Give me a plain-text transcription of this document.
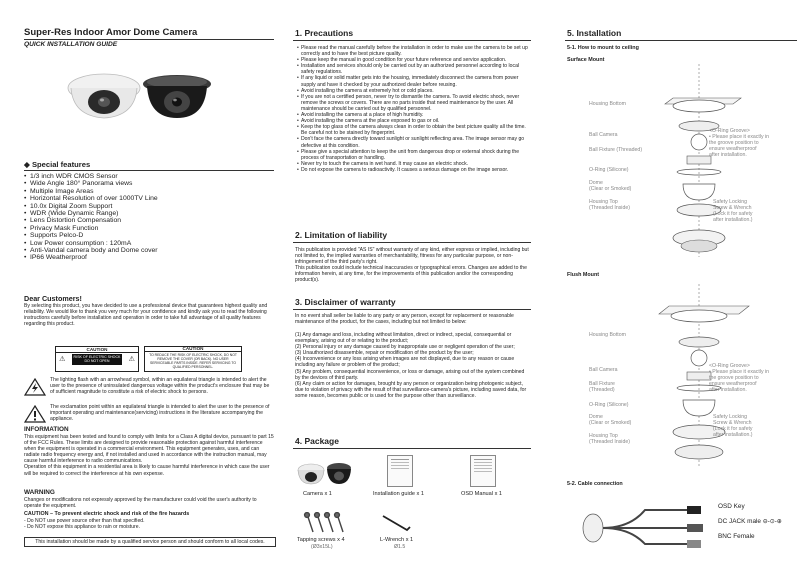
Super-Res Indoor Amor Dome Camera
QUICK INSTALLATION GUIDE
◆ Special features
• 1/3 inch WDR CMOS Sensor
• Wide Angle 180° Panorama views
• Multiple Image Areas
• Horizontal Resolution of over 1000TV Line
• 10.0x Digital Zoom Support
• WDR (Wide Dynamic Range)
• Lens Distortion Compensation
• Privacy Mask Function
• Supports Pelco-D
• Low Power consumption : 120mA
• Anti-Vandal camera body and Dome cover
• IP66 Weatherproof
Dear Customers!

By selecting this product, you have decided to use a professional device that guarantees highest quality and reliability. We would like to thank you very much for your confidence and kindly ask you to read the following instructions carefully before installation and operation in order to take full advantage of all quality features regarding this product.

CAUTION
⚠ RISK OF ELECTRIC SHOCK
DO NOT OPEN	⚠
CAUTION
TO REDUCE THE RISK OF ELECTRIC SHOCK, DO NOT REMOVE THE COVER (OR BACK). NO USER SERVICEABLE PARTS INSIDE. REFER SERVICING TO QUALIFIED PERSONNEL.

The lighting flash with an arrowhead symbol, within an equilateral triangle is intended to alert the user to the presence of uninsulated dangerous voltage within the product's enclosure that may be of sufficient magnitude to constitute a risk of electric shock to persons.

The exclamation point within an equilateral triangle is intended to alert the user to the presence of important operating and maintenance(servicing) instructions in the literature accompanying the appliance.

INFORMATION

This equipment has been tested and found to comply with limits for a Class A digital device, pursuant to part 15 of the FCC Rules. These limits are designed to provide reasonable protection against harmful interference when the equipment is operated in a commercial environment. This equipment generates, uses, and can radiate radio frequency energy and, if not installed and used in accordance with the instruction manual, may cause harmful interference to radio communications.
Operation of this equipment in a residential area is likely to cause harmful interference in which case the user will be required to correct the interference at his own expense.

WARNING

Changes or modifications not expressly approved by the manufacturer could void the user's authority to operate the equipment.

CAUTION – To prevent electric shock and risk of the fire hazards

- Do NOT use power source other than that specified.
- Do NOT expose this appliance to rain or moisture.

This installation should be made by a qualified service person and should conform to all local codes.
1. Precautions
• Please read the manual carefully before the installation in order to make use the camera to be set up correctly and to have the best picture quality.
• Please keep the manual in good condition for your future reference and service application.
• Installation and services should only be carried out by an authorized personnel according to local safety regulations.
• If any liquid or solid matter gets into the housing, immediately disconnect the camera from power supply and have it checked by your authorized dealer before reusing.
• Avoid installing the camera at extremely hot or cold places.
• If you are not a certified person, never try to dismantle the camera. To avoid electric shock, never remove the screws or covers. There are no parts inside that need maintenance by the user. All maintenance should be carried out by qualified personnel.
• Avoid installing the camera at a place of high humidity.
• Avoid installing the camera at the place exposed to gas or oil.
• Keep the top glass of the camera always clean in order to obtain the best picture quality all the time. Be careful not to be stained by fingerprint.
• Don't face the camera directly toward sunlight or sunlight reflecting area. The image sensor may go defective at this condition.
• Please give a special attention to keep the unit from dangerous drop or external shock during the process of transportation or handling.
• Never try to touch the camera in wet hand. It may cause an electric shock.
• Do not expose the camera to radioactivity. It causes a serious damage on the image sensor.
2. Limitation of liability

This publication is provided "AS IS" without warranty of any kind, either express or implied, including but not limited to, the implied warranties of merchantability, fitness for any particular purpose, or non-infringement of the third party's right.
This publication could include technical inaccuracies or typographical errors. Changes are added to the information herein, at any time, for the improvements of this publication and/or the corresponding product(s).

3. Disclaimer of warranty

In no event shall seller be liable to any party or any person, except for replacement or reasonable maintenance of the product, for the cases, including but not limited to below:

(1) Any damage and loss, including without limitation, direct or indirect, special, consequential or exemplary, arising out of or relating to the product;

(2) Personal injury or any damage caused by inappropriate use or negligent operation of the user;

(3) Unauthorized disassemble, repair or modification of the product by the user;

(4) Inconvenience or any loss arising when images are not displayed, due to any reason or cause including any failure or problem of the product;

(5) Any problem, consequential inconvenience, or loss or damage, arising out of the system combined by the devices of third party.

(6) Any claim or action for damages, brought by any person or organization being photogenic subject, due to violation of privacy with the result of that surveillance-camera's picture, including saved data, for some reason, becomes public or is used for the purpose other than surveillance.

4. Package
Camera x 1	Installation guide x 1	OSD Manual x 1
Tapping screws x 4
(Ø3x15L)
L-Wrench x 1
Ø1.5
5. Installation
5-1. How to mount to ceiling
Surface Mount
Housing Bottom
Ball Camera
Ball Fixture (Threaded)
O-Ring (Silicone)
Dome
(Clear or Smoked)
Housing Top
(Threaded Inside)
<O-Ring Groove>
• Please place it exactly in
the groove position to
ensure weatherproof
after installation.
Safety Locking
Screw & Wrench
(Lock it for safety
after installation.)
Flush Mount
Housing Bottom
Ball Camera
Ball Fixture
(Threaded)
O-Ring (Silicone)
Dome
(Clear or Smoked)
Housing Top
(Threaded Inside)
<O-Ring Groove>
• Please place it exactly in
the groove position to
ensure weatherproof
after installation.
Safety Locking
Screw & Wrench
(Lock it for safety
after installation.)
5-2. Cable connection
OSD Key
DC JACK male ⊖-⊙-⊕
BNC Female
